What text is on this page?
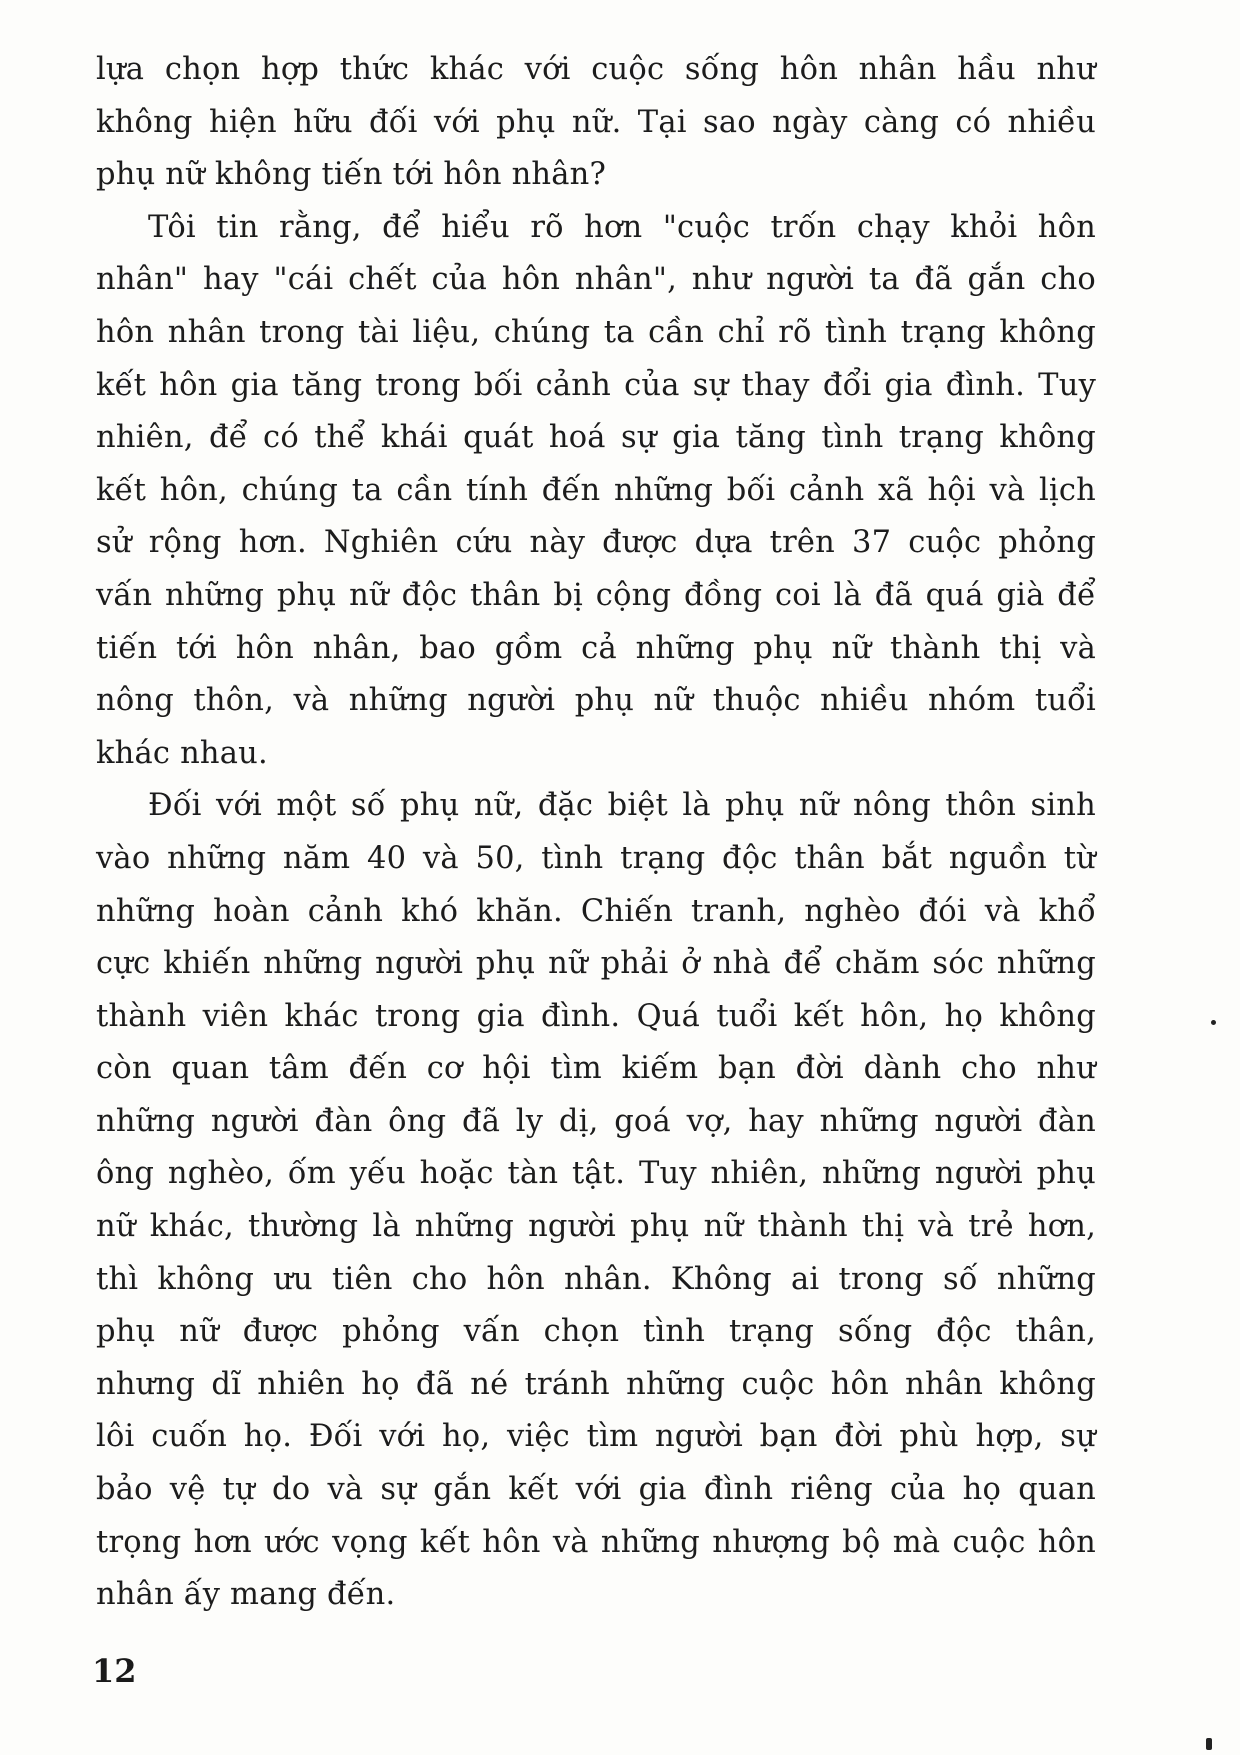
lựa chọn hợp thức khác với cuộc sống hôn nhân hầu như
không hiện hữu đối với phụ nữ. Tại sao ngày càng có nhiều
phụ nữ không tiến tới hôn nhân?
Tôi tin rằng, để hiểu rõ hơn "cuộc trốn chạy khỏi hôn
nhân" hay "cái chết của hôn nhân", như người ta đã gắn cho
hôn nhân trong tài liệu, chúng ta cần chỉ rõ tình trạng không
kết hôn gia tăng trong bối cảnh của sự thay đổi gia đình. Tuy
nhiên, để có thể khái quát hoá sự gia tăng tình trạng không
kết hôn, chúng ta cần tính đến những bối cảnh xã hội và lịch
sử rộng hơn. Nghiên cứu này được dựa trên 37 cuộc phỏng
vấn những phụ nữ độc thân bị cộng đồng coi là đã quá già để
tiến tới hôn nhân, bao gồm cả những phụ nữ thành thị và
nông thôn, và những người phụ nữ thuộc nhiều nhóm tuổi
khác nhau.
Đối với một số phụ nữ, đặc biệt là phụ nữ nông thôn sinh
vào những năm 40 và 50, tình trạng độc thân bắt nguồn từ
những hoàn cảnh khó khăn. Chiến tranh, nghèo đói và khổ
cực khiến những người phụ nữ phải ở nhà để chăm sóc những
thành viên khác trong gia đình. Quá tuổi kết hôn, họ không
còn quan tâm đến cơ hội tìm kiếm bạn đời dành cho như
những người đàn ông đã ly dị, goá vợ, hay những người đàn
ông nghèo, ốm yếu hoặc tàn tật. Tuy nhiên, những người phụ
nữ khác, thường là những người phụ nữ thành thị và trẻ hơn,
thì không ưu tiên cho hôn nhân. Không ai trong số những
phụ nữ được phỏng vấn chọn tình trạng sống độc thân,
nhưng dĩ nhiên họ đã né tránh những cuộc hôn nhân không
lôi cuốn họ. Đối với họ, việc tìm người bạn đời phù hợp, sự
bảo vệ tự do và sự gắn kết với gia đình riêng của họ quan
trọng hơn ước vọng kết hôn và những nhượng bộ mà cuộc hôn
nhân ấy mang đến.
12
